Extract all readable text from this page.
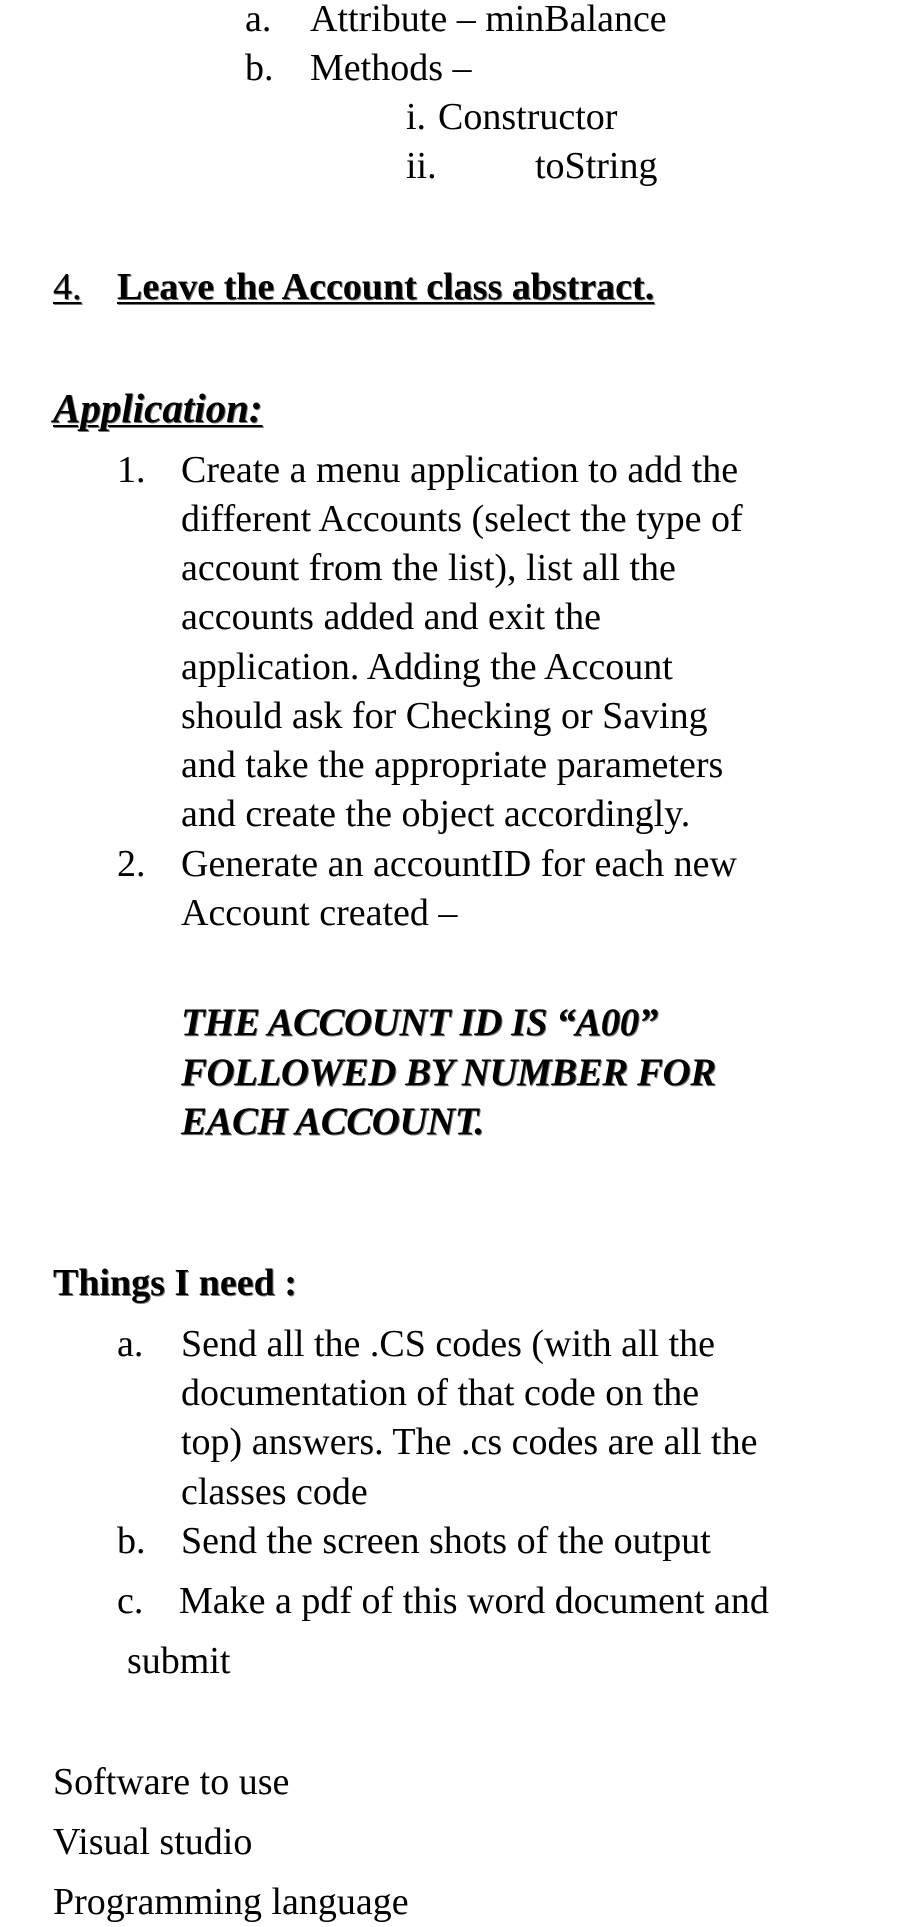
a. Attribute – minBalance
b. Methods –
i. Constructor
ii.	toString
4. Leave the Account class abstract.
Application:
1. Create a menu application to add the
different Accounts (select the type of
account from the list), list all the
accounts added and exit the
application. Adding the Account
should ask for Checking or Saving
and take the appropriate parameters
and create the object accordingly.
2. Generate an accountID for each new
Account created –
THE ACCOUNT ID IS “A00”
FOLLOWED BY NUMBER FOR
EACH ACCOUNT.
Things I need :
a. Send all the .CS codes (with all the
documentation of that code on the
top) answers. The .cs codes are all the
classes code
b. Send the screen shots of the output
c. Make a pdf of this word document and
submit
Software to use
Visual studio
Programming language
